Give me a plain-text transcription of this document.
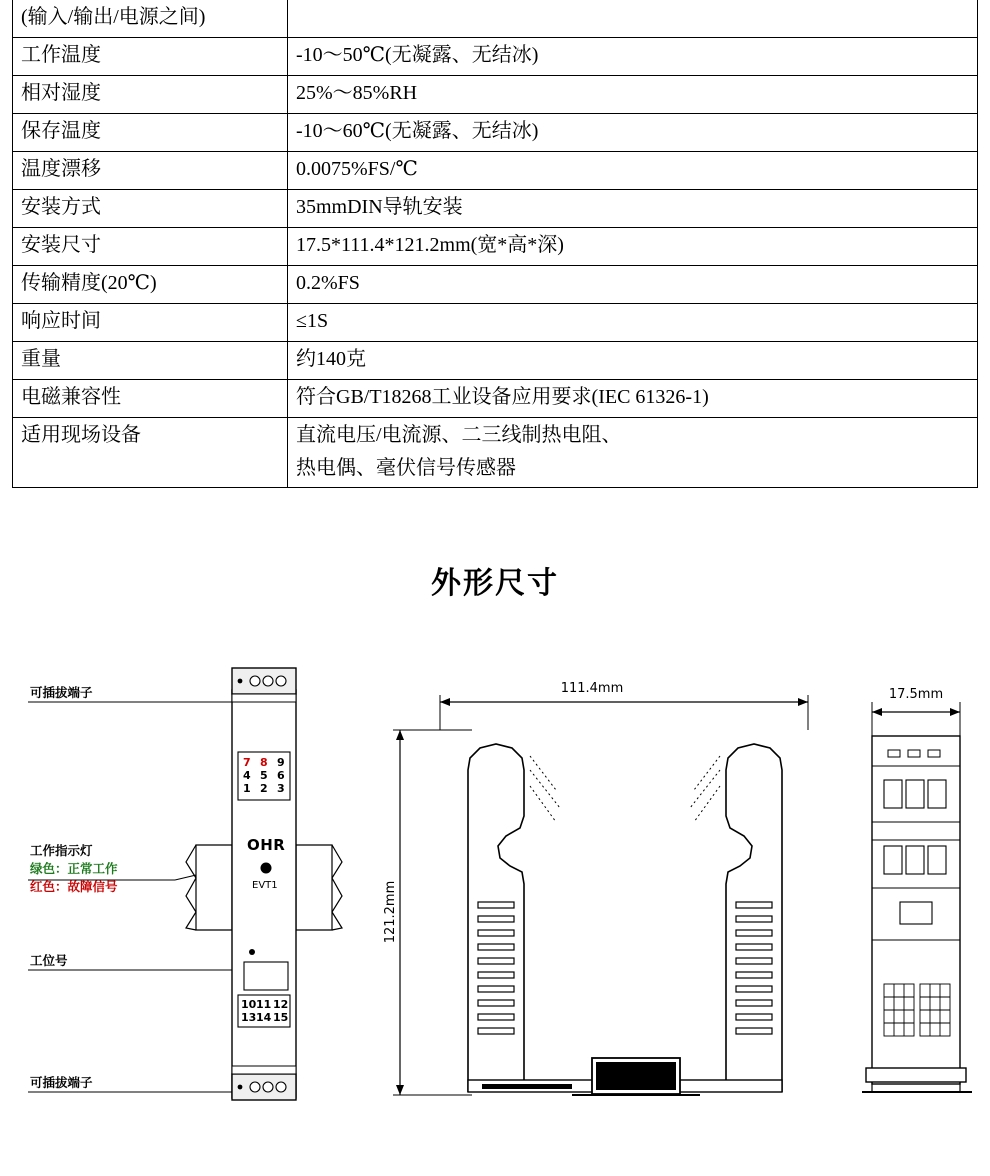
(输入/输出/电源之间)	
工作温度	-10～50℃(无凝露、无结冰)
相对湿度	25%～85%RH
保存温度	-10～60℃(无凝露、无结冰)
温度漂移	0.0075%FS/℃
安装方式	35mmDIN导轨安装
安装尺寸	17.5*111.4*121.2mm(宽*高*深)
传输精度(20℃)	0.2%FS
响应时间	≤1S
重量	约140克
电磁兼容性	符合GB/T18268工业设备应用要求(IEC 61326-1)
适用现场设备	直流电压/电流源、二三线制热电阻、
热电偶、毫伏信号传感器
外形尺寸
7 8 9
4 5 6
1 2 3
OHR
EVT1
10 11 12
13 14 15
可插拔端子
工作指示灯
绿色：正常工作
红色：故障信号
工位号
可插拔端子
111.4mm
121.2mm
17.5mm
